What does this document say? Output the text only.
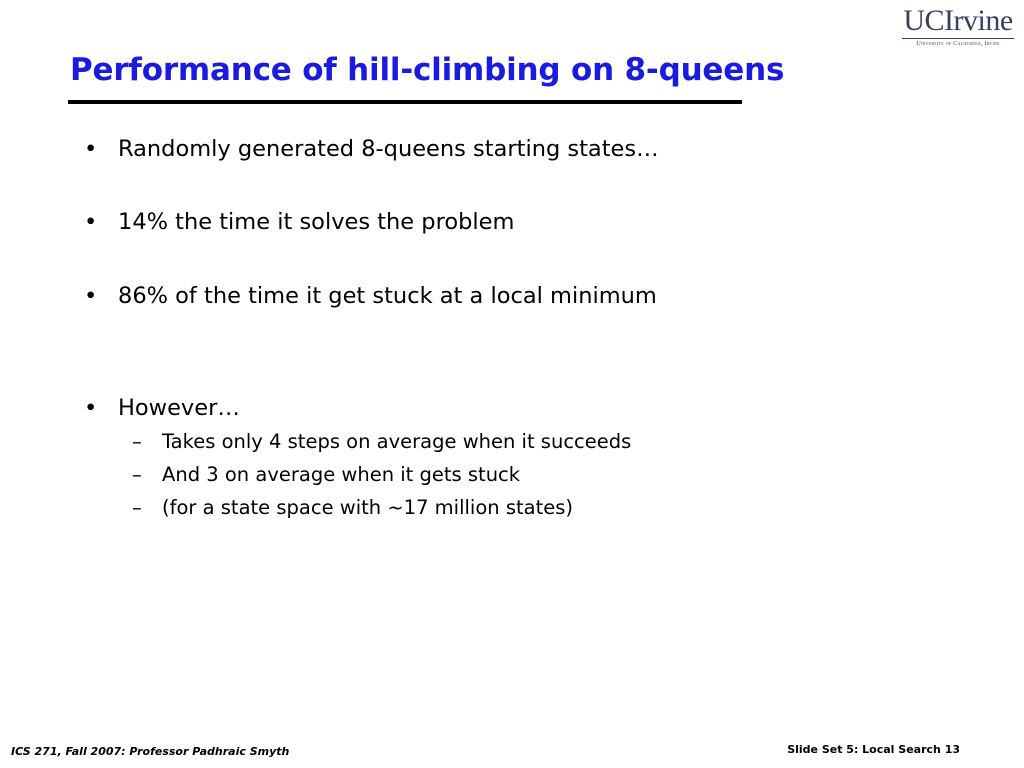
UCIrvine
University of California, Irvine
Performance of hill-climbing on 8-queens
• Randomly generated 8-queens starting states…
• 14% the time it solves the problem
• 86% of the time it get stuck at a local minimum
• However…
– Takes only 4 steps on average when it succeeds
– And 3 on average when it gets stuck
– (for a state space with ~17 million states)
ICS 271, Fall 2007: Professor Padhraic Smyth	Slide Set 5: Local Search 13
